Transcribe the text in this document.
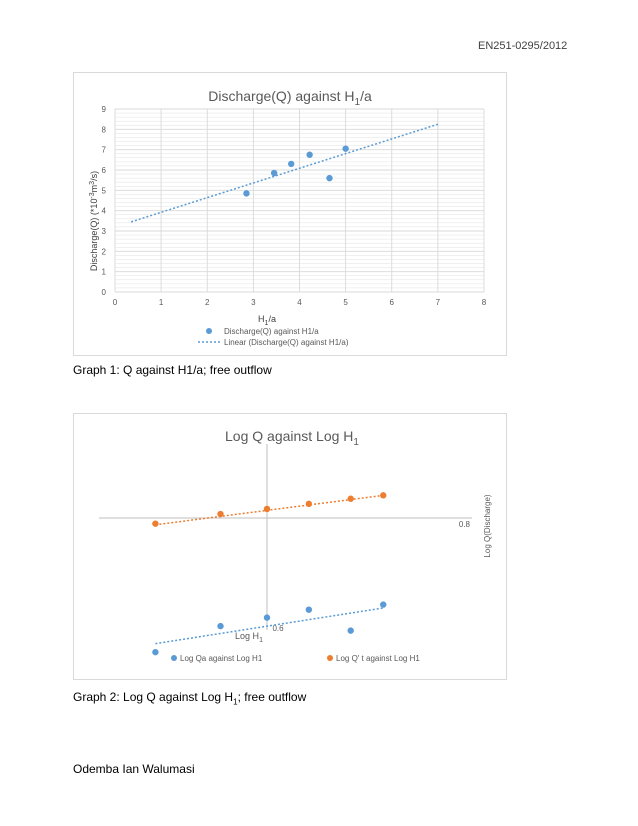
EN251-0295/2012
Discharge(Q) against $H_1/a$
0
1
2
3
4
5
6
7
8
9
0	1	2	3	4	5	6	7	8
Discharge(Q) $(*10^{-3}m^3/s)$
$H_1/a$
Discharge(Q) against H1/a
Linear (Discharge(Q) against H1/a)
Graph 1: Q against H1/a; free outflow
Log Q against Log $H_1$
0.8
0.6
Log Q(Discharge)
Log $H_1$
Log Qa against Log H1	Log Q' t against Log H1
Graph 2: Log Q against Log $H_1$; free outflow
Odemba Ian Walumasi
